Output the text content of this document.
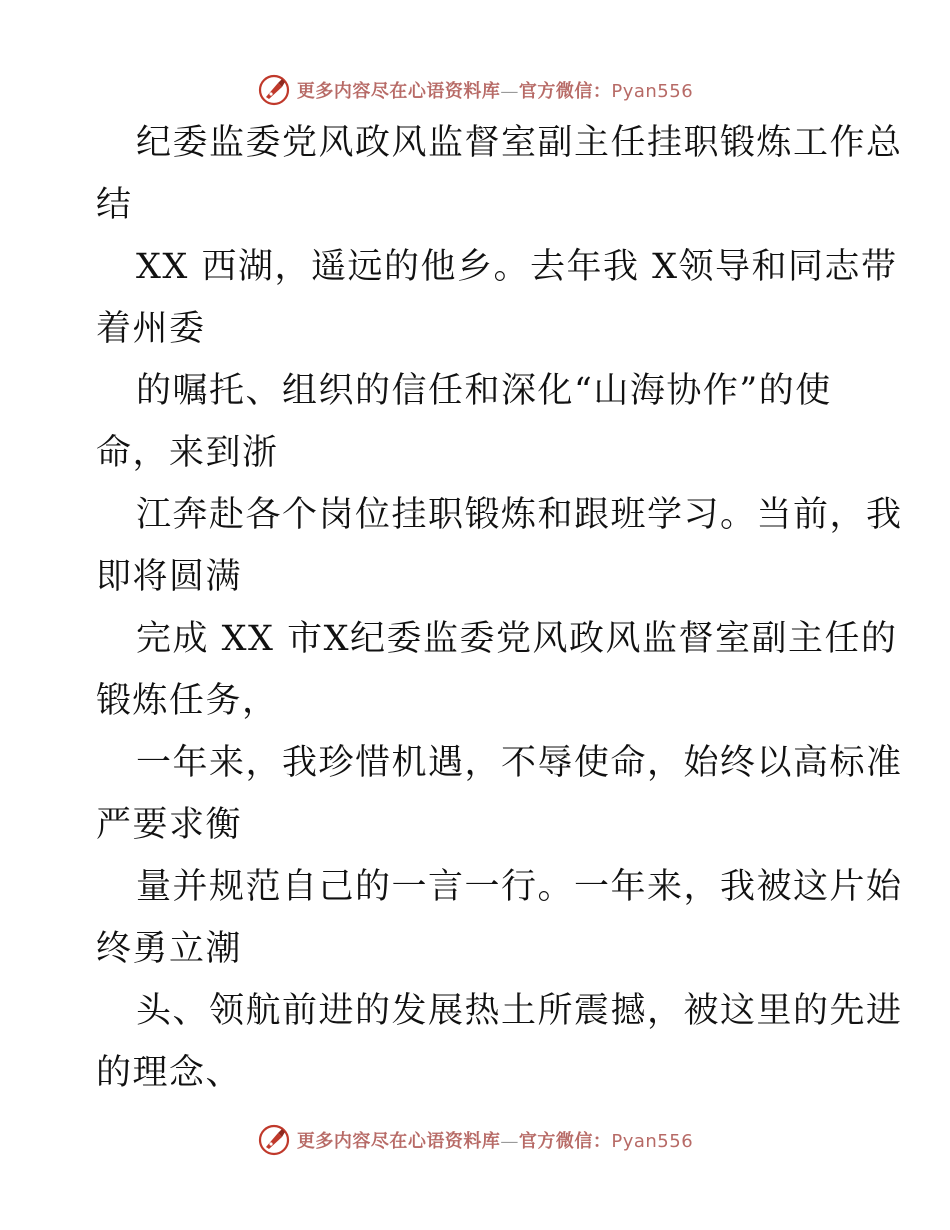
更多内容尽在心语资料库—官方微信：Pyan556

纪委监委党风政风监督室副主任挂职锻炼工作总
结

XX 西湖，遥远的他乡。去年我 X领导和同志带
着州委

的嘱托、组织的信任和深化“山海协作”的使
命，来到浙

江奔赴各个岗位挂职锻炼和跟班学习。当前，我
即将圆满

完成 XX 市X纪委监委党风政风监督室副主任的
锻炼任务，

一年来，我珍惜机遇，不辱使命，始终以高标准
严要求衡

量并规范自己的一言一行。一年来，我被这片始
终勇立潮

头、领航前进的发展热土所震撼，被这里的先进
的理念、

更多内容尽在心语资料库—官方微信：Pyan556
